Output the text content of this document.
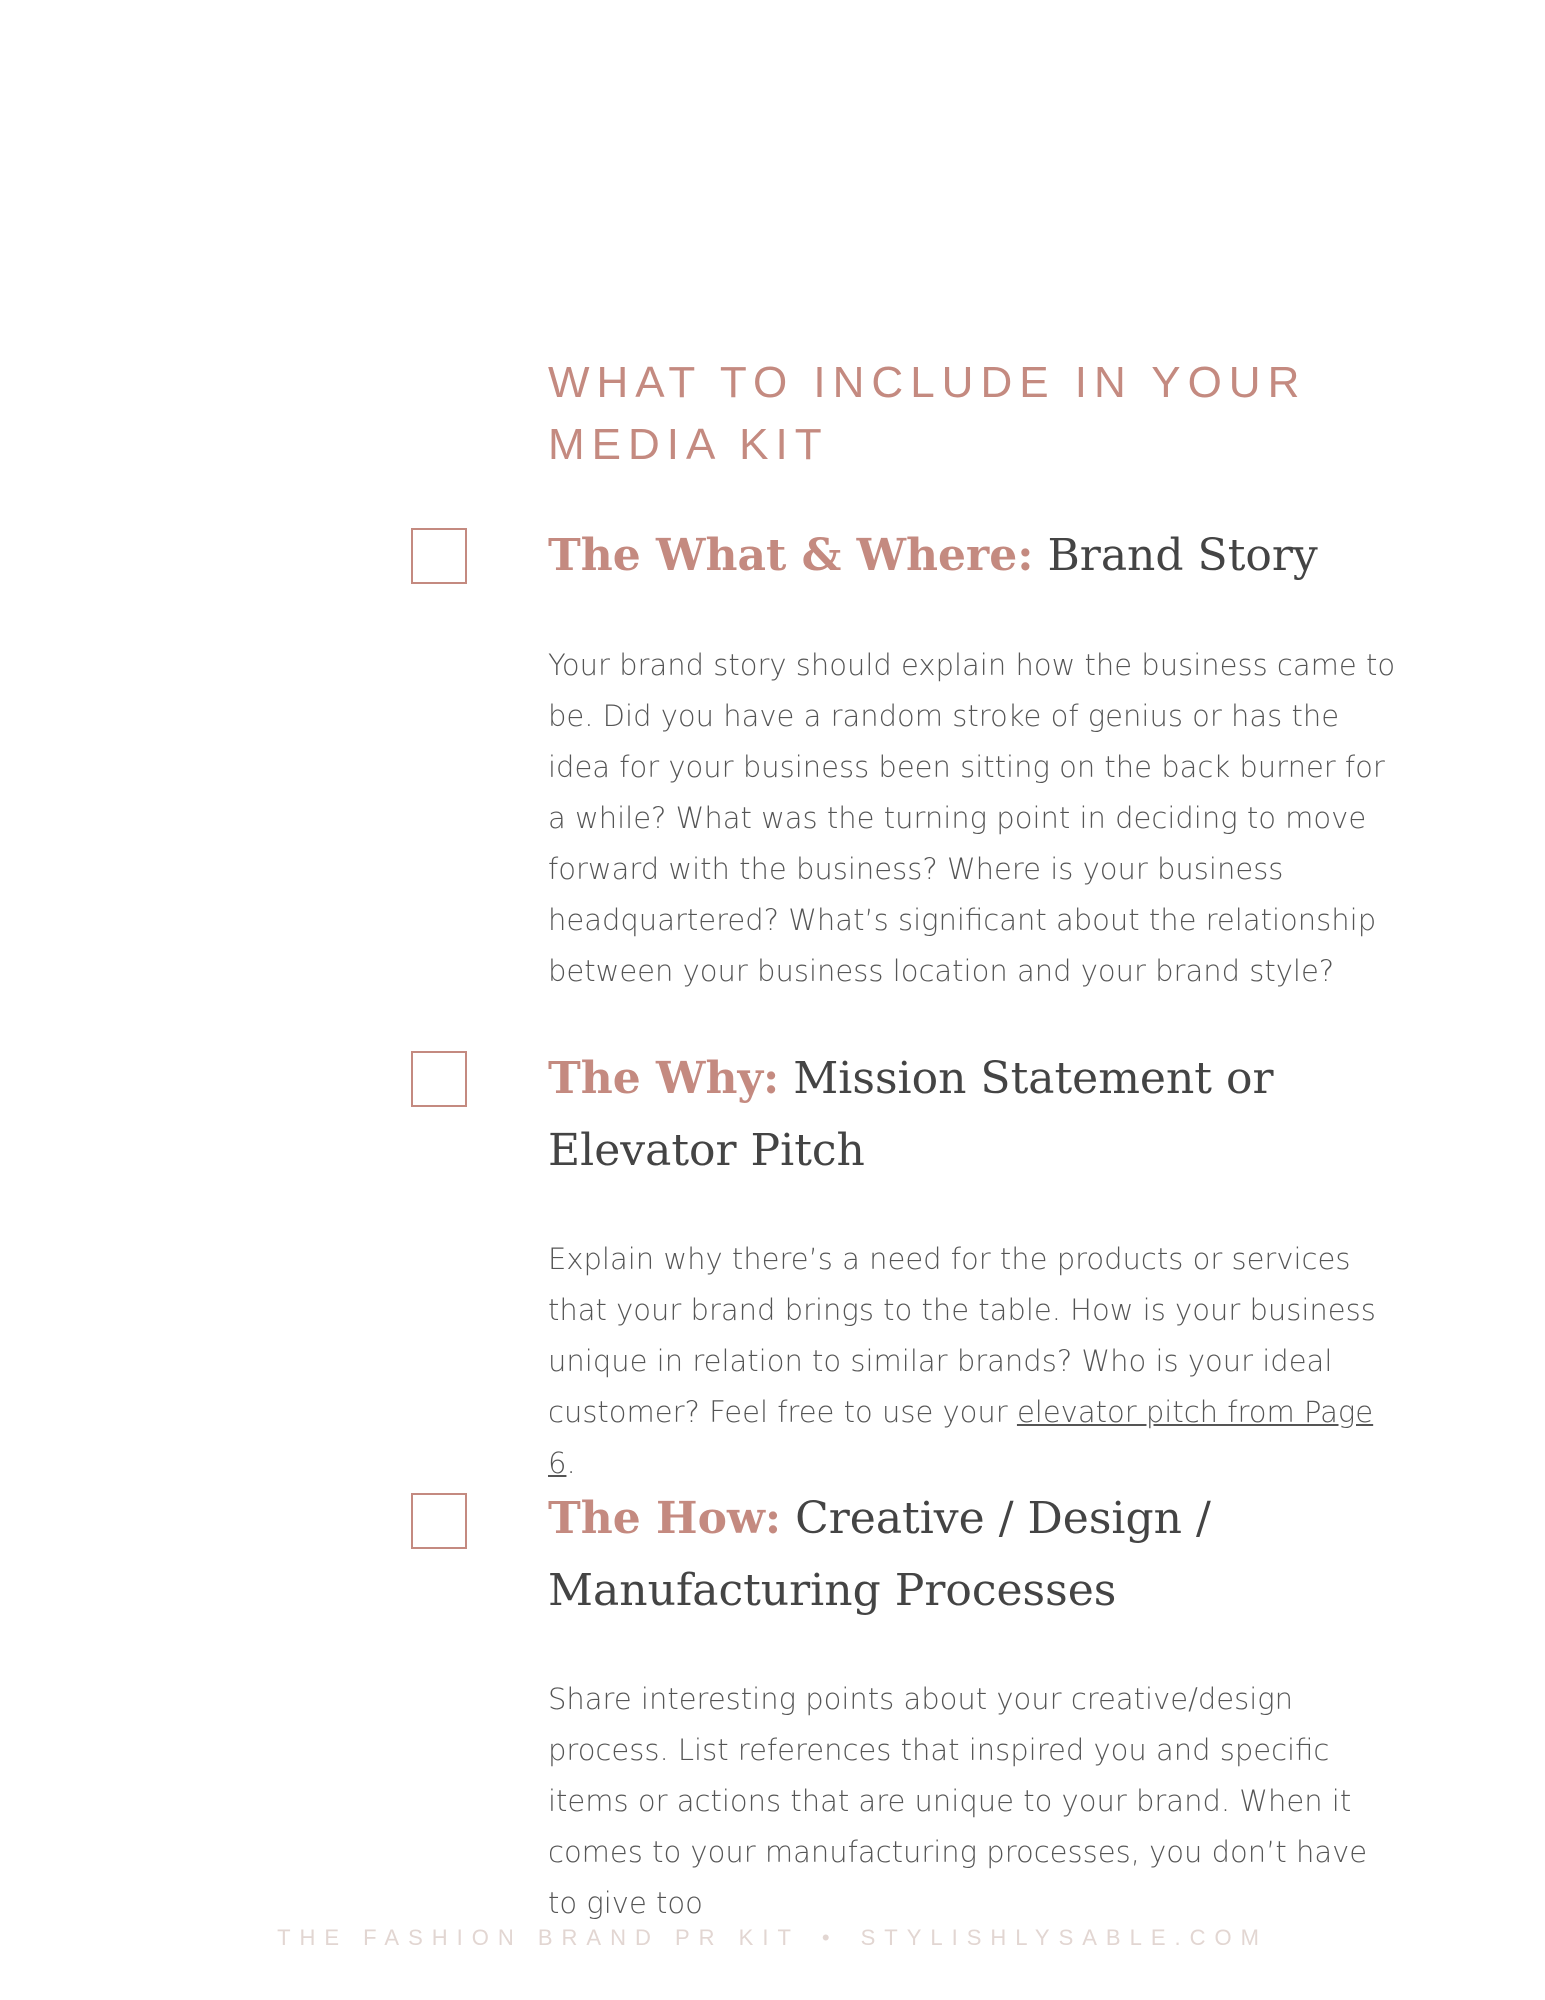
WHAT TO INCLUDE IN YOUR
MEDIA KIT
The What & Where: Brand Story

Your brand story should explain how the business came to be. Did you have a random stroke of genius or has the idea for your business been sitting on the back burner for a while? What was the turning point in deciding to move forward with the business? Where is your business headquartered? What’s significant about the relationship between your business location and your brand style?

The Why: Mission Statement or Elevator Pitch

Explain why there’s a need for the products or services that your brand brings to the table. How is your business unique in relation to similar brands? Who is your ideal customer? Feel free to use your elevator pitch from Page 6.

The How: Creative / Design / Manufacturing Processes

Share interesting points about your creative/design process. List references that inspired you and specific items or actions that are unique to your brand. When it comes to your manufacturing processes, you don’t have to give too

THE FASHION BRAND PR KIT • STYLISHLYSABLE.COM
